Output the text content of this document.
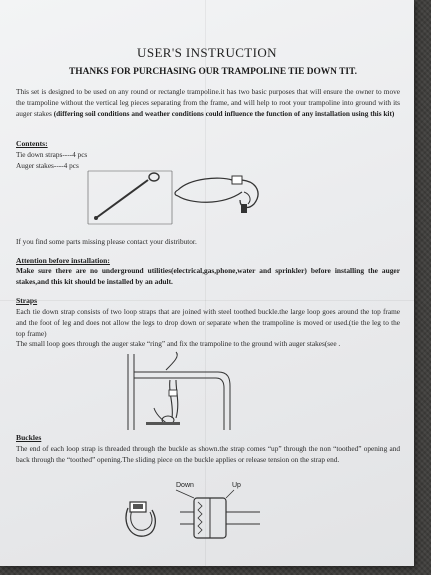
USER'S INSTRUCTION
THANKS FOR PURCHASING OUR TRAMPOLINE TIE DOWN TIT.
This set is designed to be used on any round or rectangle trampoline.it has two basic purposes that will ensure the owner to move the trampoline without the vertical leg pieces separating from the frame, and will help to root your trampoline into ground with its auger stakes (differing soil conditions and weather conditions could influence the function of any installation using this kit)
Contents:
Tie down straps----4 pcs
Auger stakes----4 pcs
If you find some parts missing please contact your distributor.
Attention before installation:
Make sure there are no underground utilities(electrical,gas,phone,water and sprinkler) before installing the auger stakes,and this kit should be installed by an adult.
Straps
Each tie down strap consists of two loop straps that are joined with steel toothed buckle.the large loop goes around the top frame and the foot of leg and does not allow the legs to drop down or separate when the trampoline is moved or used.(tie the leg to the top frame)
The small loop goes through the auger stake “ring” and fix the trampoline to the ground with auger stakes(see .
Buckles
The end of each loop strap is threaded through the buckle as shown.the strap comes “up” through the non “toothed” opening and back through the “toothed” opening.The sliding piece on the buckle applies or release tension on the strap end.
Down	Up
